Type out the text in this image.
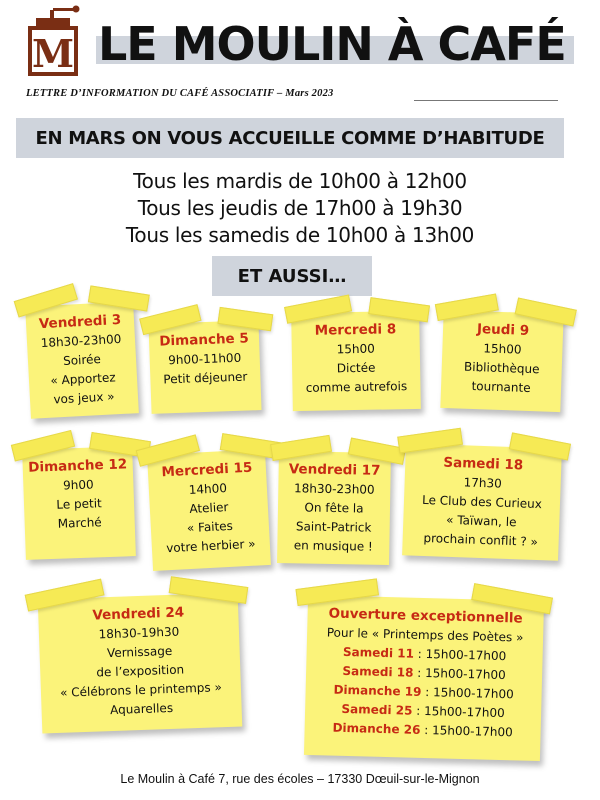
M LE MOULIN À CAFÉ
LETTRE D’INFORMATION DU CAFÉ ASSOCIATIF – Mars 2023
EN MARS ON VOUS ACCUEILLE COMME D’HABITUDE
Tous les mardis de 10h00 à 12h00
Tous les jeudis de 17h00 à 19h30
Tous les samedis de 10h00 à 13h00
ET AUSSI…
Vendredi 3
18h30-23h00
Soirée
« Apportez
vos jeux »
Dimanche 5
9h00-11h00
Petit déjeuner
Mercredi 8
15h00
Dictée
comme autrefois
Jeudi 9
15h00
Bibliothèque
tournante
Dimanche 12
9h00
Le petit
Marché
Mercredi 15
14h00
Atelier
« Faites
votre herbier »
Vendredi 17
18h30-23h00
On fête la
Saint-Patrick
en musique !
Samedi 18
17h30
Le Club des Curieux
« Taïwan, le
prochain conflit ? »
Vendredi 24
18h30-19h30
Vernissage
de l’exposition
« Célébrons le printemps »
Aquarelles
Ouverture exceptionnelle
Pour le « Printemps des Poètes »
Samedi 11 : 15h00-17h00
Samedi 18 : 15h00-17h00
Dimanche 19 : 15h00-17h00
Samedi 25 : 15h00-17h00
Dimanche 26 : 15h00-17h00
Le Moulin à Café 7, rue des écoles – 17330 Dœuil-sur-le-Mignon
